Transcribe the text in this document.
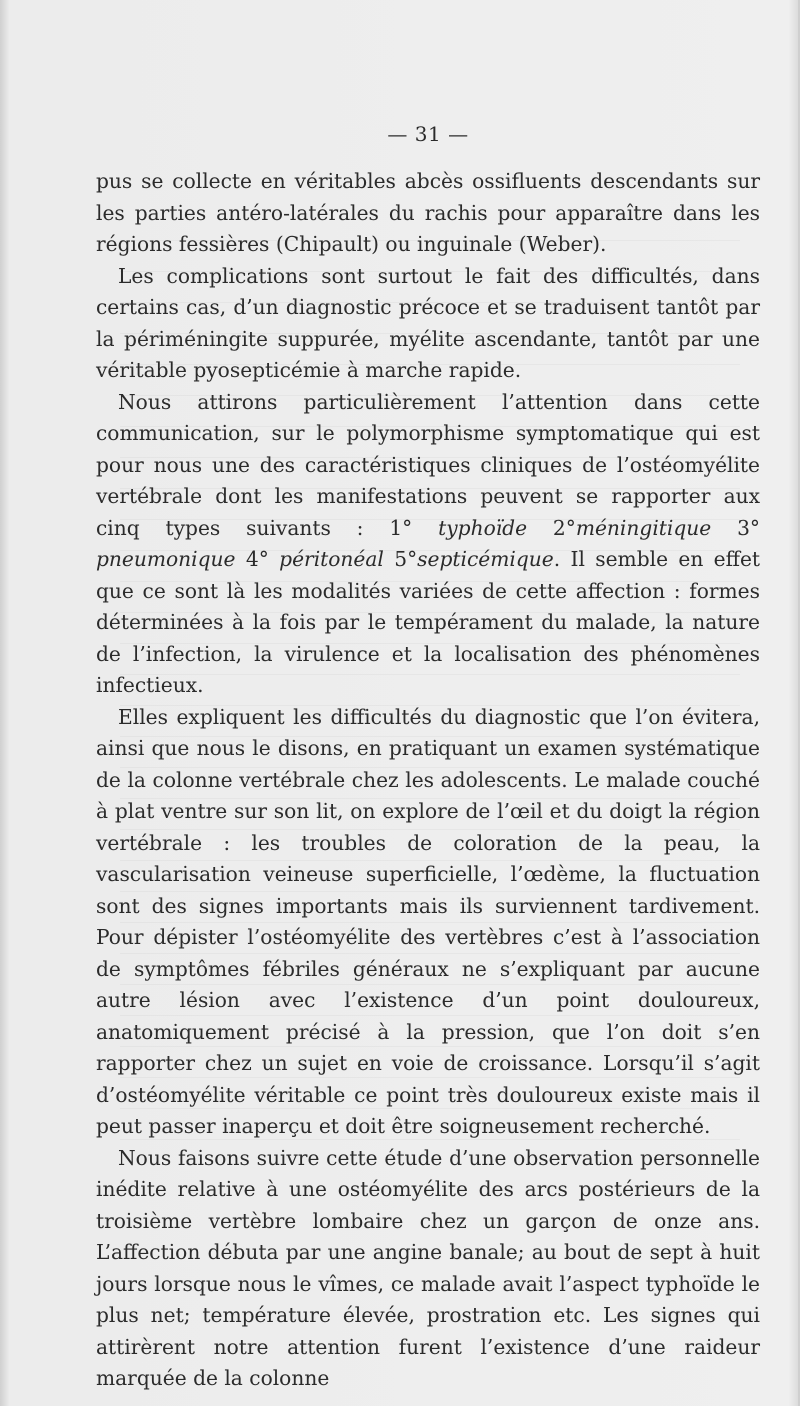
— 31 —

pus se collecte en véritables abcès ossifluents descendants sur les parties antéro-latérales du rachis pour apparaître dans les régions fessières (Chipault) ou inguinale (Weber).

Les complications sont surtout le fait des difficultés, dans certains cas, d’un diagnostic précoce et se traduisent tantôt par la périméningite suppurée, myélite ascendante, tantôt par une véritable pyosepticémie à marche rapide.

Nous attirons particulièrement l’attention dans cette communication, sur le polymorphisme symptomatique qui est pour nous une des caractéristiques cliniques de l’ostéomyélite vertébrale dont les manifestations peuvent se rapporter aux cinq types suivants : 1° typhoïde 2°méningitique 3° pneumonique 4° péritonéal 5°septicémique. Il semble en effet que ce sont là les modalités variées de cette affection : formes déterminées à la fois par le tempérament du malade, la nature de l’infection, la virulence et la localisation des phénomènes infectieux.

Elles expliquent les difficultés du diagnostic que l’on évitera, ainsi que nous le disons, en pratiquant un examen systématique de la colonne vertébrale chez les adolescents. Le malade couché à plat ventre sur son lit, on explore de l’œil et du doigt la région vertébrale : les troubles de coloration de la peau, la vascularisation veineuse superficielle, l’œdème, la fluctuation sont des signes importants mais ils surviennent tardivement. Pour dépister l’ostéomyélite des vertèbres c’est à l’association de symptômes fébriles généraux ne s’expliquant par aucune autre lésion avec l’existence d’un point douloureux, anatomiquement précisé à la pression, que l’on doit s’en rapporter chez un sujet en voie de croissance. Lorsqu’il s’agit d’ostéomyélite véritable ce point très douloureux existe mais il peut passer inaperçu et doit être soigneusement recherché.

Nous faisons suivre cette étude d’une observation personnelle inédite relative à une ostéomyélite des arcs postérieurs de la troisième vertèbre lombaire chez un garçon de onze ans. L’affection débuta par une angine banale; au bout de sept à huit jours lorsque nous le vîmes, ce malade avait l’aspect typhoïde le plus net; température élevée, prostration etc. Les signes qui attirèrent notre attention furent l’existence d’une raideur marquée de la colonne
